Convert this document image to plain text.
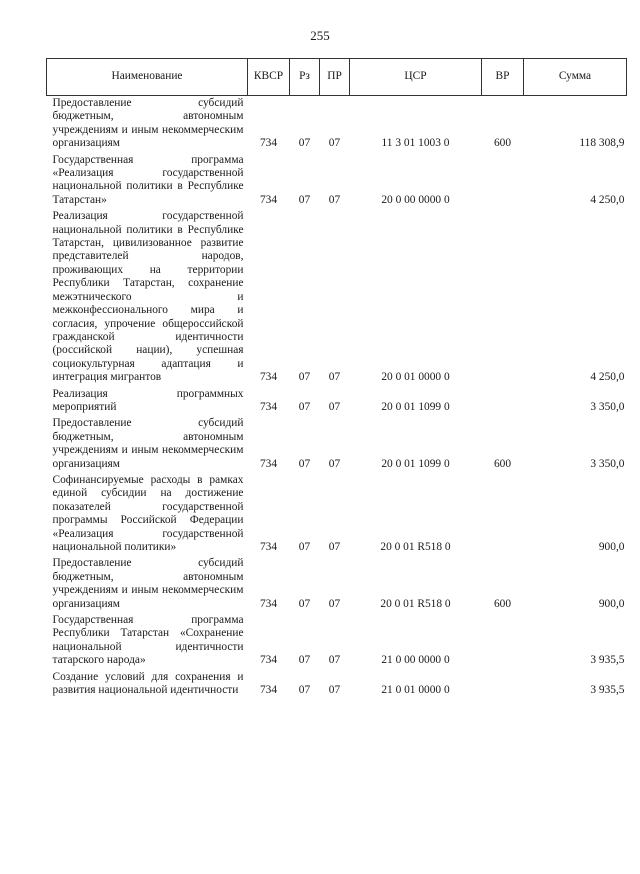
255
Наименование	КВСР	Рз	ПР	ЦСР	ВР	Сумма
Предоставление субсидий бюджетным, автономным учреждениям и иным некоммерческим организациям	734	07	07	11 3 01 1003 0	600	118 308,9
Государственная программа «Реализация государственной национальной политики в Республике Татарстан»	734	07	07	20 0 00 0000 0		4 250,0
Реализация государственной национальной политики в Республике Татарстан, цивилизованное развитие представителей народов, проживающих на территории Республики Татарстан, сохранение межэтнического и межконфессионального мира и согласия, упрочение общероссийской гражданской идентичности (российской нации), успешная социокультурная адаптация и интеграция мигрантов	734	07	07	20 0 01 0000 0		4 250,0
Реализация программных мероприятий	734	07	07	20 0 01 1099 0		3 350,0
Предоставление субсидий бюджетным, автономным учреждениям и иным некоммерческим организациям	734	07	07	20 0 01 1099 0	600	3 350,0
Софинансируемые расходы в рамках единой субсидии на достижение показателей государственной программы Российской Федерации «Реализация государственной национальной политики»	734	07	07	20 0 01 R518 0		900,0
Предоставление субсидий бюджетным, автономным учреждениям и иным некоммерческим организациям	734	07	07	20 0 01 R518 0	600	900,0
Государственная программа Республики Татарстан «Сохранение национальной идентичности татарского народа»	734	07	07	21 0 00 0000 0		3 935,5
Создание условий для сохранения и развития национальной идентичности	734	07	07	21 0 01 0000 0		3 935,5
